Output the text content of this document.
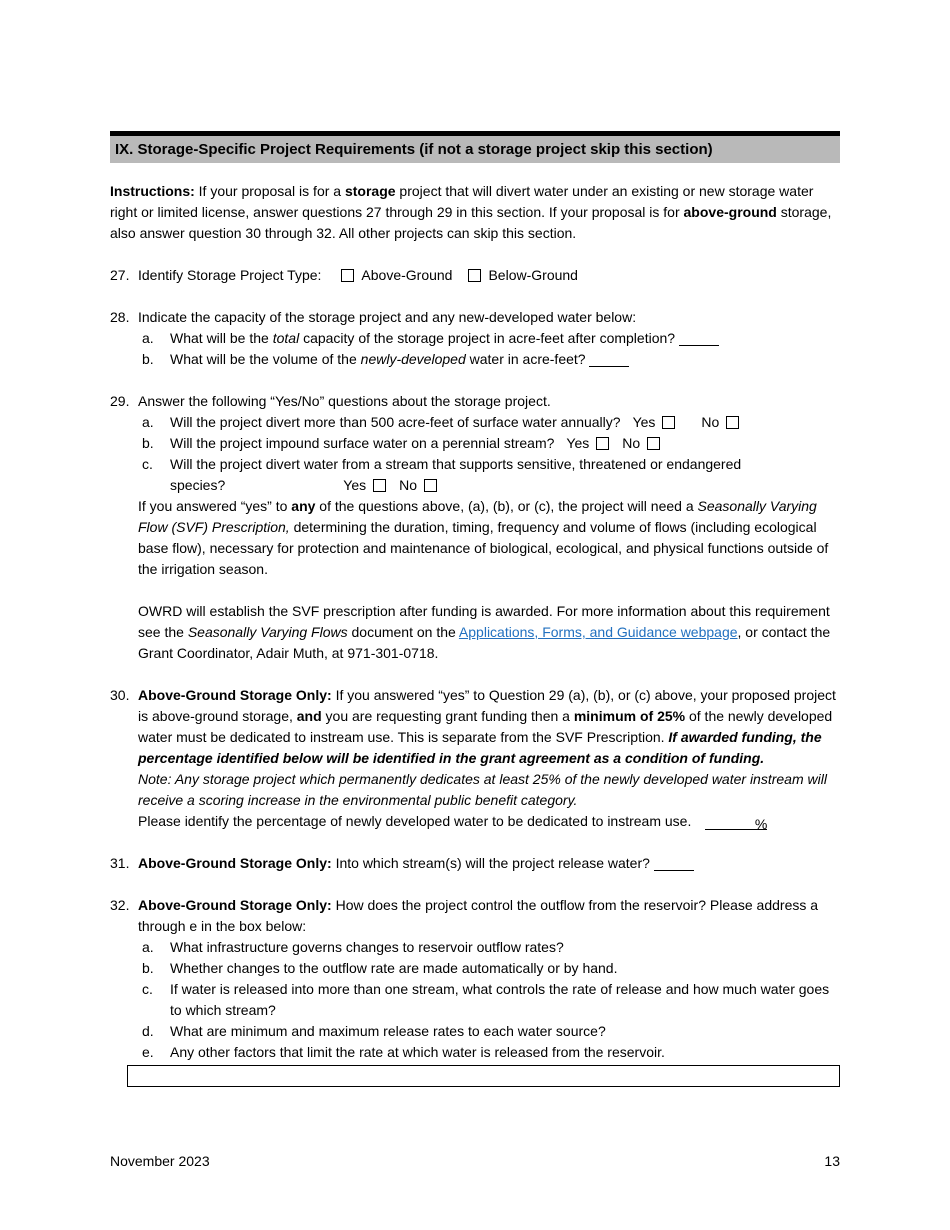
IX. Storage-Specific Project Requirements (if not a storage project skip this section)
Instructions: If your proposal is for a storage project that will divert water under an existing or new storage water right or limited license, answer questions 27 through 29 in this section. If your proposal is for above-ground storage, also answer question 30 through 32. All other projects can skip this section.
27. Identify Storage Project Type:	Above-Ground	Below-Ground
28. Indicate the capacity of the storage project and any new-developed water below:
a.	What will be the total capacity of the storage project in acre-feet after completion?
b.	What will be the volume of the newly-developed water in acre-feet?
29. Answer the following “Yes/No” questions about the storage project.
a.	Will the project divert more than 500 acre-feet of surface water annually? Yes	No
b.	Will the project impound surface water on a perennial stream? Yes No
c.	Will the project divert water from a stream that supports sensitive, threatened or endangered
species?	Yes No
If you answered “yes” to any of the questions above, (a), (b), or (c), the project will need a Seasonally Varying Flow (SVF) Prescription, determining the duration, timing, frequency and volume of flows (including ecological base flow), necessary for protection and maintenance of biological, ecological, and physical functions outside of the irrigation season.
OWRD will establish the SVF prescription after funding is awarded. For more information about this requirement see the Seasonally Varying Flows document on the Applications, Forms, and Guidance webpage, or contact the Grant Coordinator, Adair Muth, at 971-301-0718.
30. Above-Ground Storage Only: If you answered “yes” to Question 29 (a), (b), or (c) above, your proposed project is above-ground storage, and you are requesting grant funding then a minimum of 25% of the newly developed water must be dedicated to instream use. This is separate from the SVF Prescription. If awarded funding, the percentage identified below will be identified in the grant agreement as a condition of funding.
Note: Any storage project which permanently dedicates at least 25% of the newly developed water instream will receive a scoring increase in the environmental public benefit category.
Please identify the percentage of newly developed water to be dedicated to instream use.	%
31. Above-Ground Storage Only: Into which stream(s) will the project release water?
32. Above-Ground Storage Only: How does the project control the outflow from the reservoir? Please address a through e in the box below:
a.	What infrastructure governs changes to reservoir outflow rates?
b.	Whether changes to the outflow rate are made automatically or by hand.
c.	If water is released into more than one stream, what controls the rate of release and how much water goes to which stream?
d.	What are minimum and maximum release rates to each water source?
e.	Any other factors that limit the rate at which water is released from the reservoir.
November 2023	13
